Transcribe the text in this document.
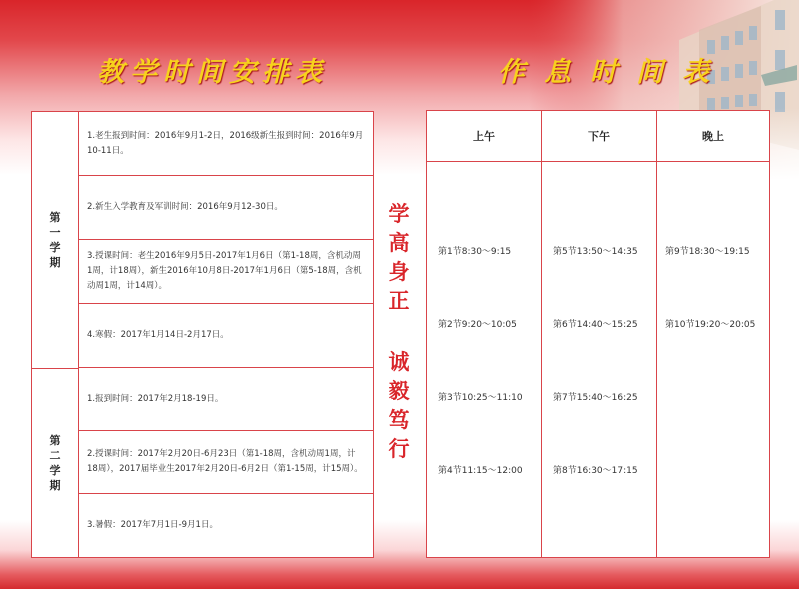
教学时间安排表	作息时间表
第
一
学
期
第
二
学
期
1.老生报到时间：2016年9月1-2日，2016级新生报到时间：2016年9月10-11日。
2.新生入学教育及军训时间：2016年9月12-30日。
3.授课时间：老生2016年9月5日-2017年1月6日（第1-18周，含机动周1周，计18周），新生2016年10月8日-2017年1月6日（第5-18周，含机动周1周，计14周）。
4.寒假：2017年1月14日-2月17日。
1.报到时间：2017年2月18-19日。
2.授课时间：2017年2月20日-6月23日（第1-18周，含机动周1周，计18周），2017届毕业生2017年2月20日-6月2日（第1-15周，计15周）。
3.暑假：2017年7月1日-9月1日。
学
高
身
正
诚
毅
笃
行
上午
第1节8:30～9:15
第2节9:20～10:05
第3节10:25～11:10
第4节11:15～12:00
下午
第5节13:50～14:35
第6节14:40～15:25
第7节15:40～16:25
第8节16:30～17:15
晚上
第9节18:30～19:15
第10节19:20～20:05
